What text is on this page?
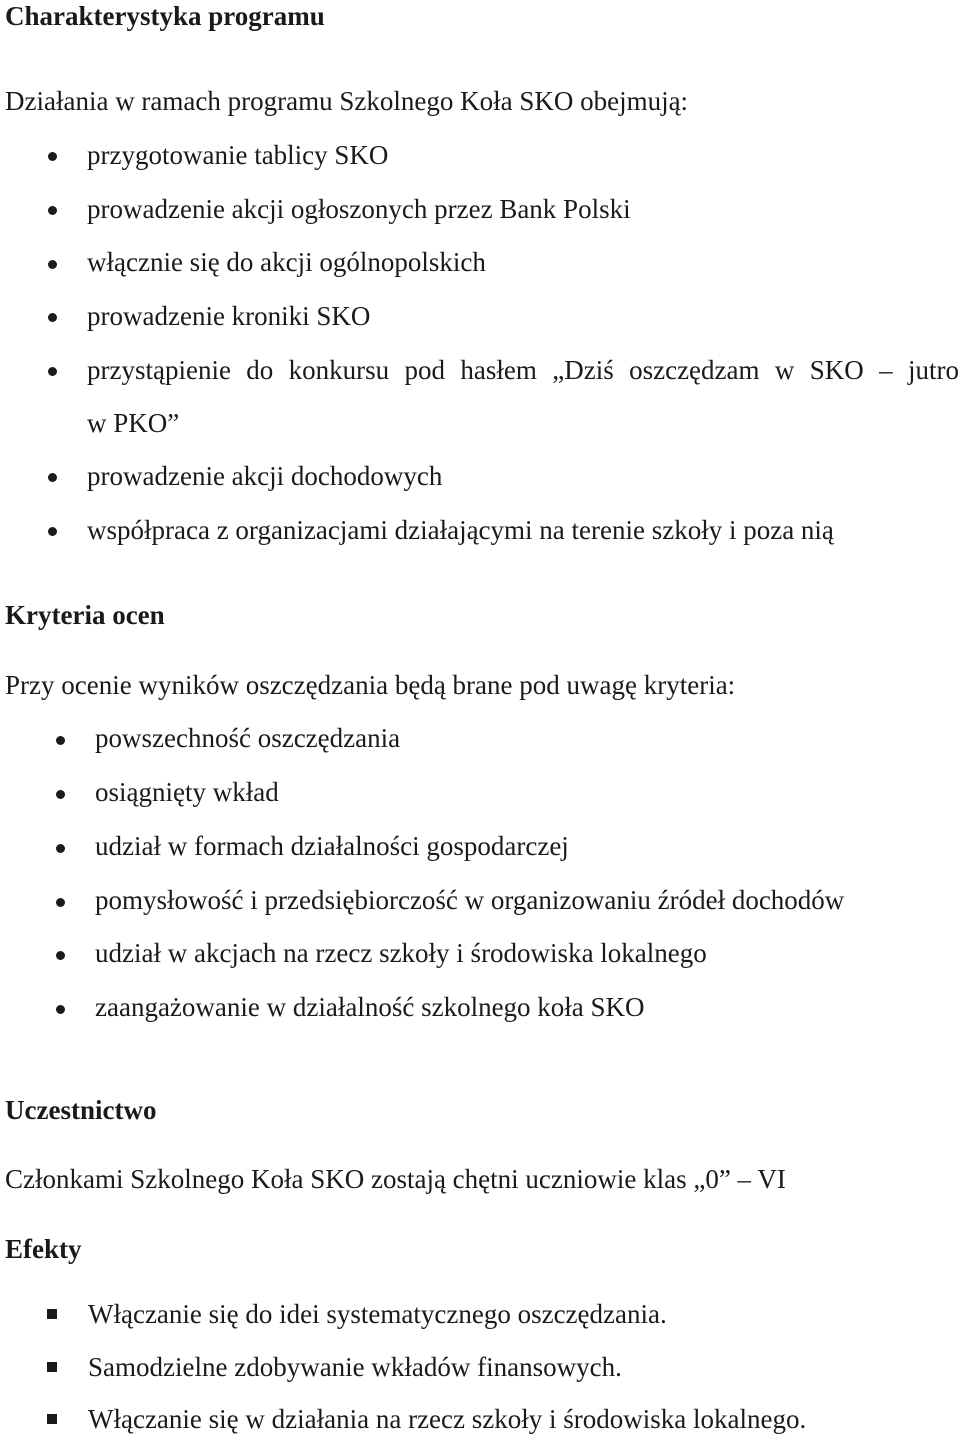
Charakterystyka programu
Działania w ramach programu Szkolnego Koła SKO obejmują:
przygotowanie tablicy SKO
prowadzenie akcji ogłoszonych przez Bank Polski
włącznie się do akcji ogólnopolskich
prowadzenie kroniki SKO
przystąpienie do konkursu pod hasłem „Dziś oszczędzam w SKO – jutro
w PKO”
prowadzenie akcji dochodowych
współpraca z organizacjami działającymi na terenie szkoły i poza nią
Kryteria ocen
Przy ocenie wyników oszczędzania będą brane pod uwagę kryteria:
powszechność oszczędzania
osiągnięty wkład
udział w formach działalności gospodarczej
pomysłowość i przedsiębiorczość w organizowaniu źródeł dochodów
udział w akcjach na rzecz szkoły i środowiska lokalnego
zaangażowanie w działalność szkolnego koła SKO
Uczestnictwo
Członkami Szkolnego Koła SKO zostają chętni uczniowie klas „0” – VI
Efekty
Włączanie się do idei systematycznego oszczędzania.
Samodzielne zdobywanie wkładów finansowych.
Włączanie się w działania na rzecz szkoły i środowiska lokalnego.
